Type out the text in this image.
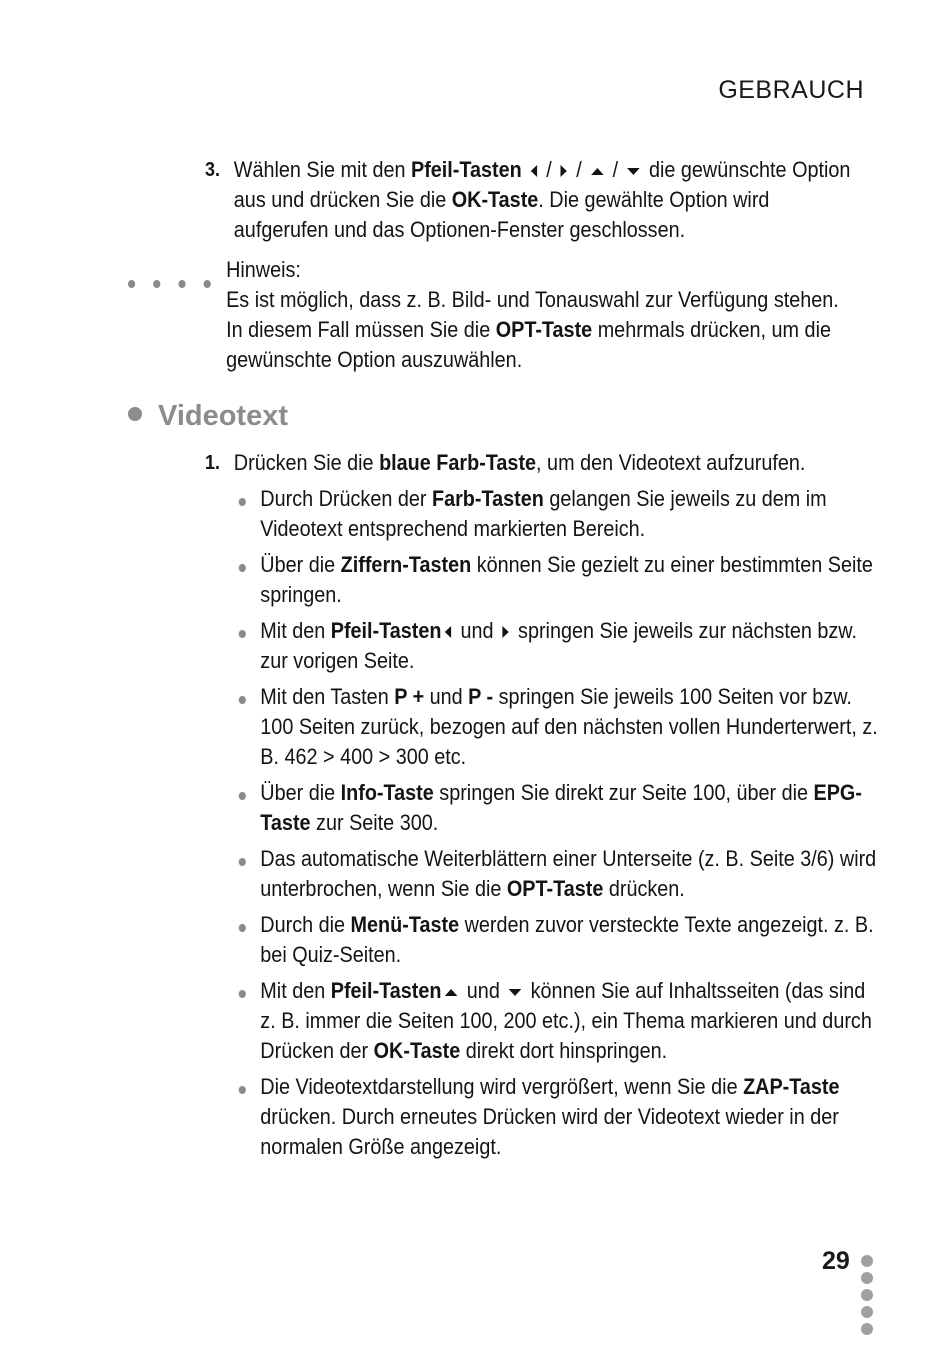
GEBRAUCH
3. Wählen Sie mit den Pfeil-Tasten / / /  die gewünschte Option aus und drücken Sie die OK-Taste. Die gewählte Option wird aufgerufen und das Optionen-Fenster geschlossen.
Hinweis:
Es ist möglich, dass z. B. Bild- und Tonauswahl zur Verfügung stehen. In diesem Fall müssen Sie die OPT-Taste mehrmals drücken, um die gewünschte Option auszuwählen.
Videotext
1. Drücken Sie die blaue Farb-Taste, um den Videotext aufzurufen.
Durch Drücken der Farb-Tasten gelangen Sie jeweils zu dem im Videotext entsprechend markierten Bereich.
Über die Ziffern-Tasten können Sie gezielt zu einer bestimmten Seite springen.
Mit den Pfeil-Tasten und  springen Sie jeweils zur nächsten bzw. zur vorigen Seite.
Mit den Tasten P + und P - springen Sie jeweils 100 Seiten vor bzw. 100 Seiten zurück, bezogen auf den nächsten vollen Hunderterwert, z. B. 462 > 400 > 300 etc.
Über die Info-Taste springen Sie direkt zur Seite 100, über die EPG-Taste zur Seite 300.
Das automatische Weiterblättern einer Unterseite (z. B. Seite 3/6) wird unterbrochen, wenn Sie die OPT-Taste drücken.
Durch die Menü-Taste werden zuvor versteckte Texte angezeigt. z. B. bei Quiz-Seiten.
Mit den Pfeil-Tasten und  können Sie auf Inhaltsseiten (das sind z. B. immer die Seiten 100, 200 etc.), ein Thema markieren und durch Drücken der OK-Taste direkt dort hinspringen.
Die Videotextdarstellung wird vergrößert, wenn Sie die ZAP-Taste drücken. Durch erneutes Drücken wird der Videotext wieder in der normalen Größe angezeigt.
29
